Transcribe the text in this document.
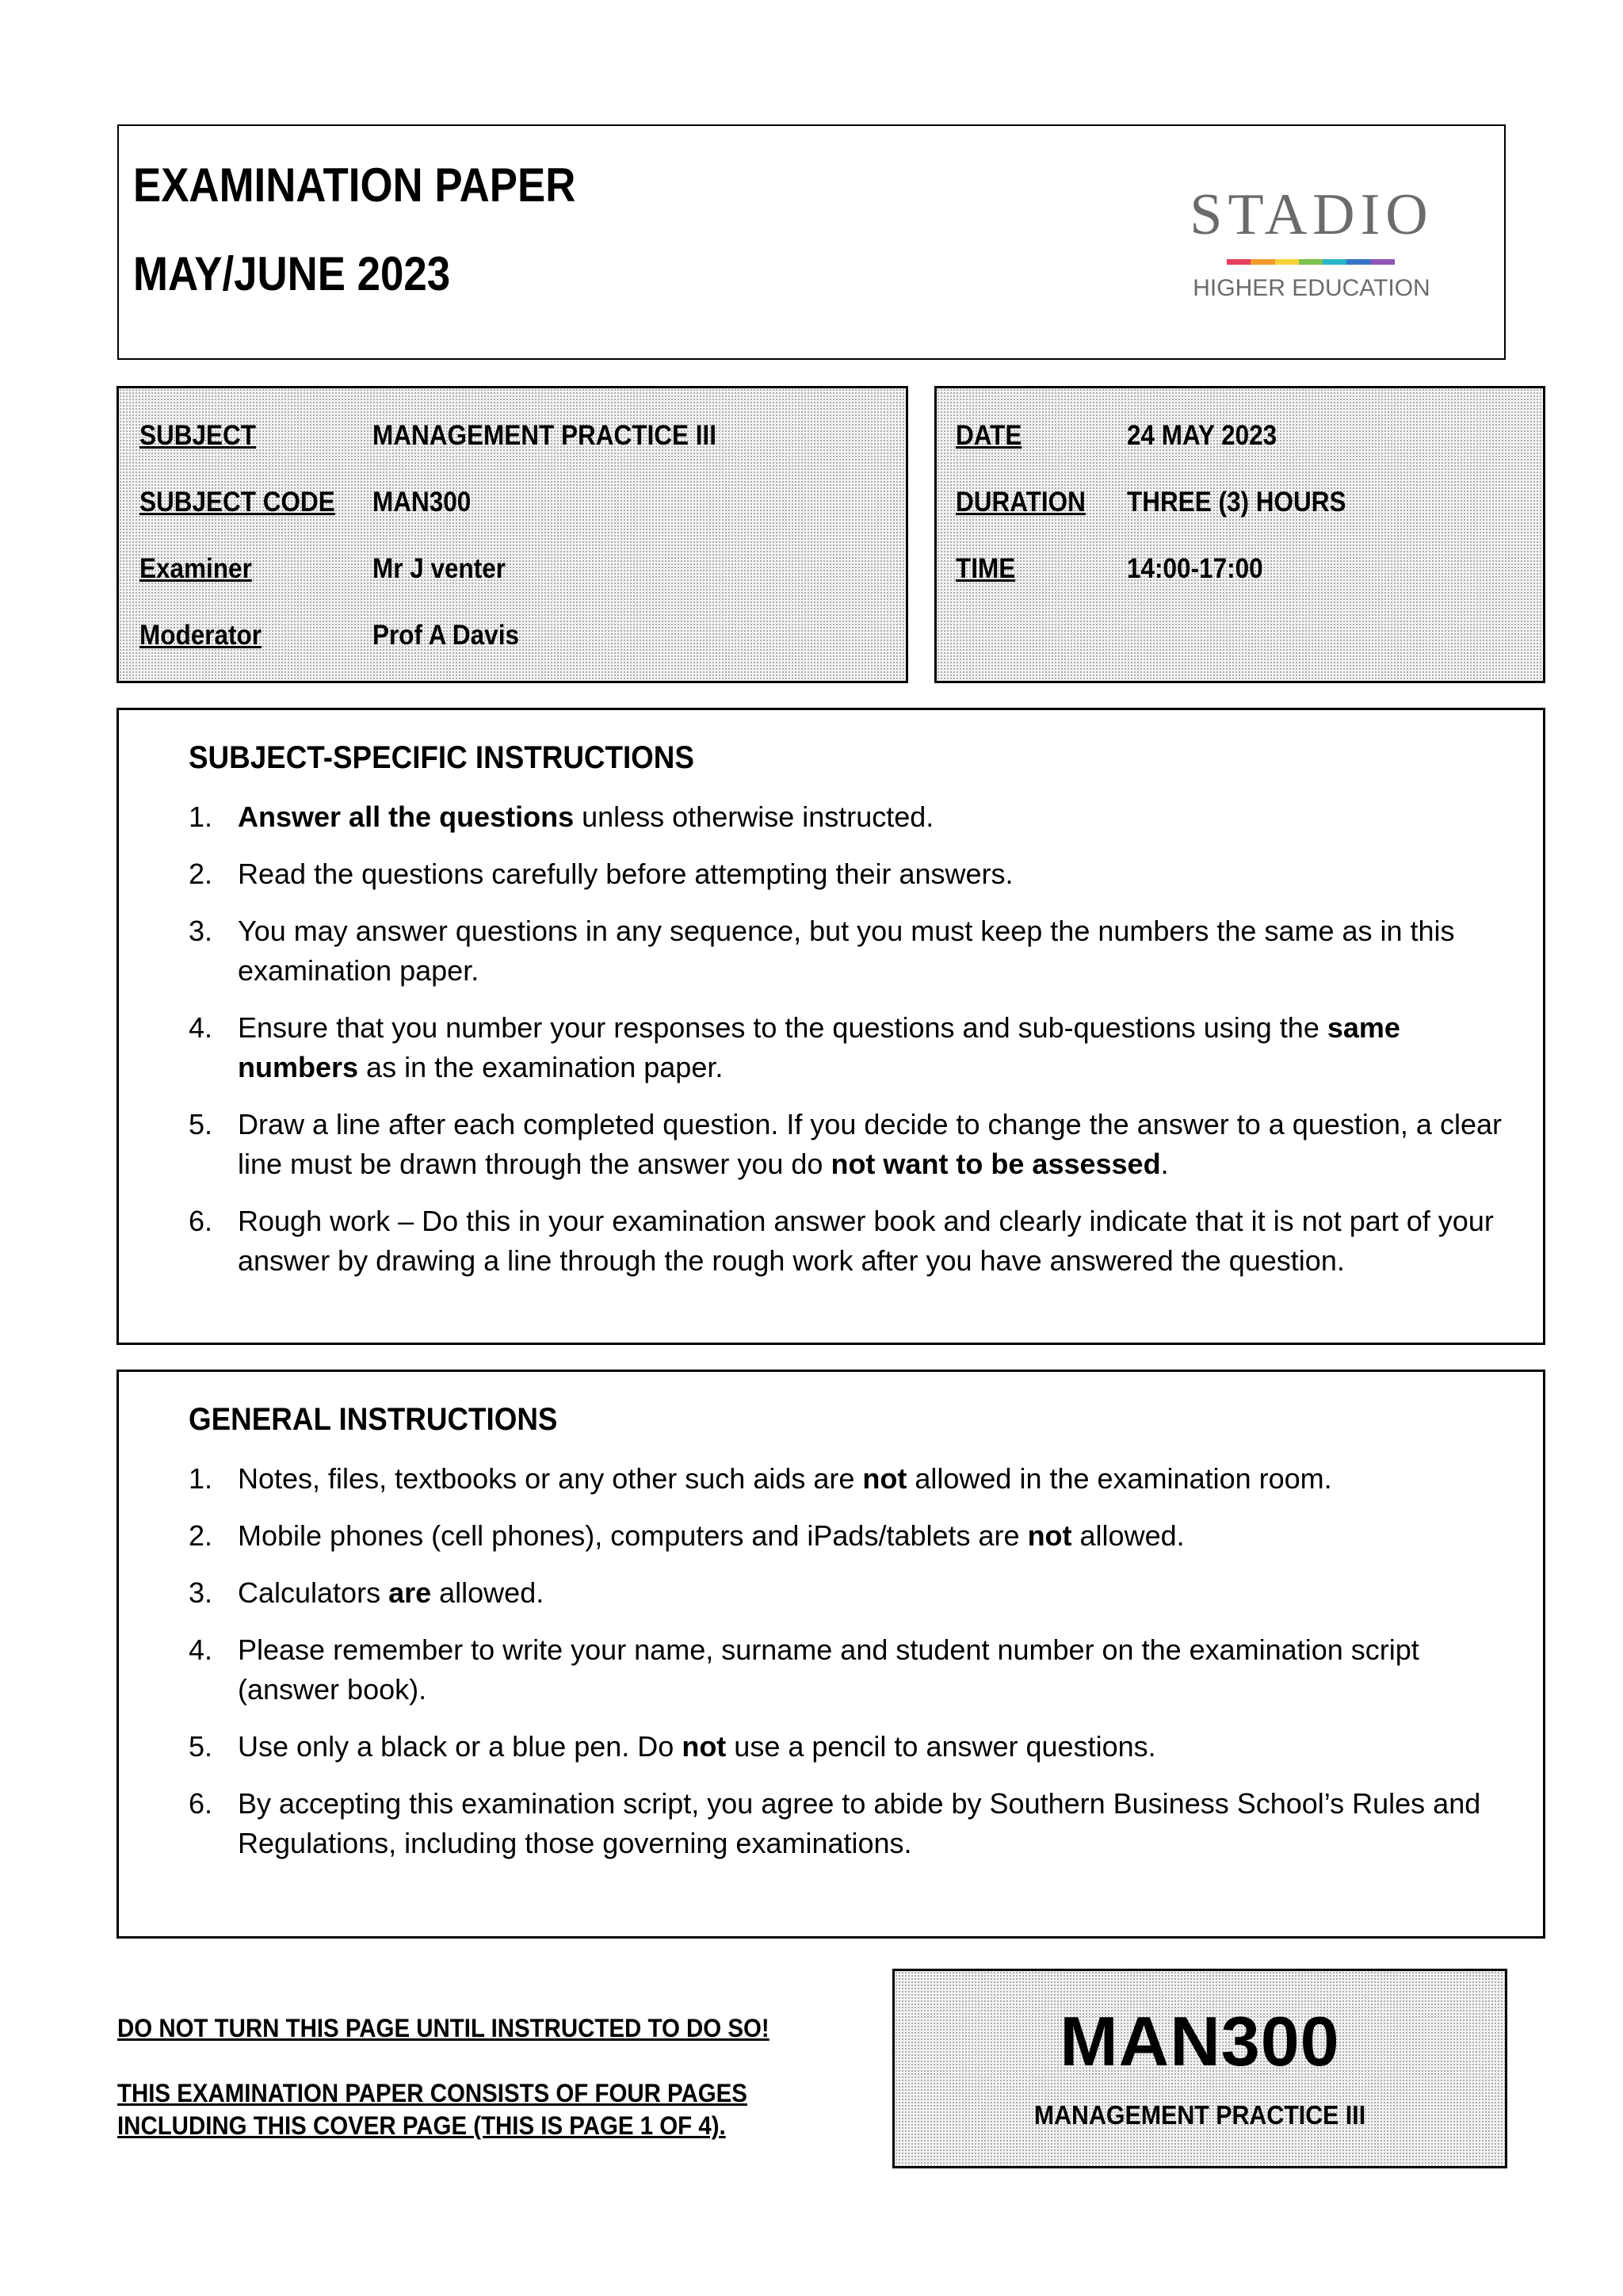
EXAMINATION PAPER
MAY/JUNE 2023
STADIO
HIGHER EDUCATION
SUBJECT	MANAGEMENT PRACTICE III
SUBJECT CODE MAN300
Examiner	Mr J venter
Moderator	Prof A Davis
DATE	24 MAY 2023
DURATION THREE (3) HOURS
TIME	14:00-17:00
SUBJECT-SPECIFIC INSTRUCTIONS
1. Answer all the questions unless otherwise instructed.
2. Read the questions carefully before attempting their answers.
3. You may answer questions in any sequence, but you must keep the numbers the same as in this examination paper.
4. Ensure that you number your responses to the questions and sub-questions using the same numbers as in the examination paper.
5. Draw a line after each completed question. If you decide to change the answer to a question, a clear line must be drawn through the answer you do not want to be assessed.
6. Rough work – Do this in your examination answer book and clearly indicate that it is not part of your answer by drawing a line through the rough work after you have answered the question.
GENERAL INSTRUCTIONS
1. Notes, files, textbooks or any other such aids are not allowed in the examination room.
2. Mobile phones (cell phones), computers and iPads/tablets are not allowed.
3. Calculators are allowed.
4. Please remember to write your name, surname and student number on the examination script (answer book).
5. Use only a black or a blue pen. Do not use a pencil to answer questions.
6. By accepting this examination script, you agree to abide by Southern Business School’s Rules and Regulations, including those governing examinations.
DO NOT TURN THIS PAGE UNTIL INSTRUCTED TO DO SO!
THIS EXAMINATION PAPER CONSISTS OF FOUR PAGES
INCLUDING THIS COVER PAGE (THIS IS PAGE 1 OF 4).
MAN300
MANAGEMENT PRACTICE III
